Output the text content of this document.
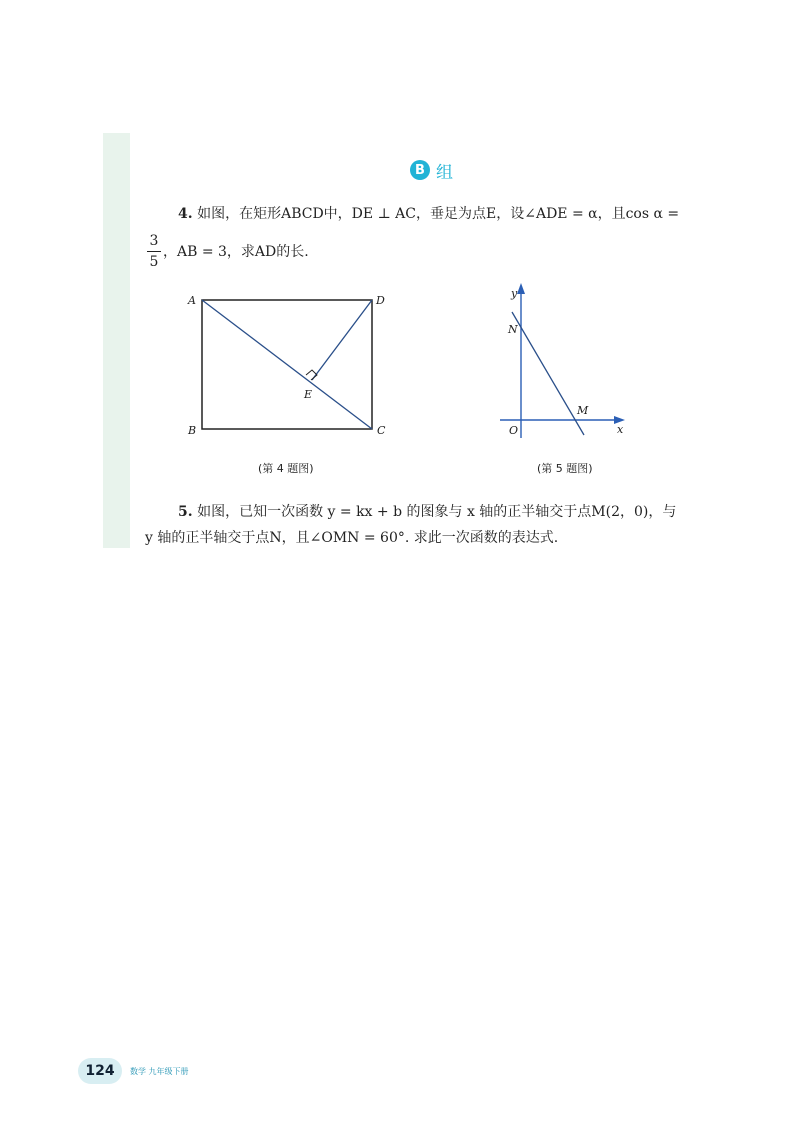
B 组
4. 如图，在矩形ABCD中，DE ⊥ AC，垂足为点E，设∠ADE = α，且cos α =
3
5
，AB = 3，求AD的长.
A	D
B	C
E
(第 4 题图)
y
x
N
M
O
(第 5 题图)
5. 如图，已知一次函数 y = kx + b 的图象与 x 轴的正半轴交于点M(2，0)，与
y 轴的正半轴交于点N，且∠OMN = 60°. 求此一次函数的表达式.
124	数学 九年级下册
